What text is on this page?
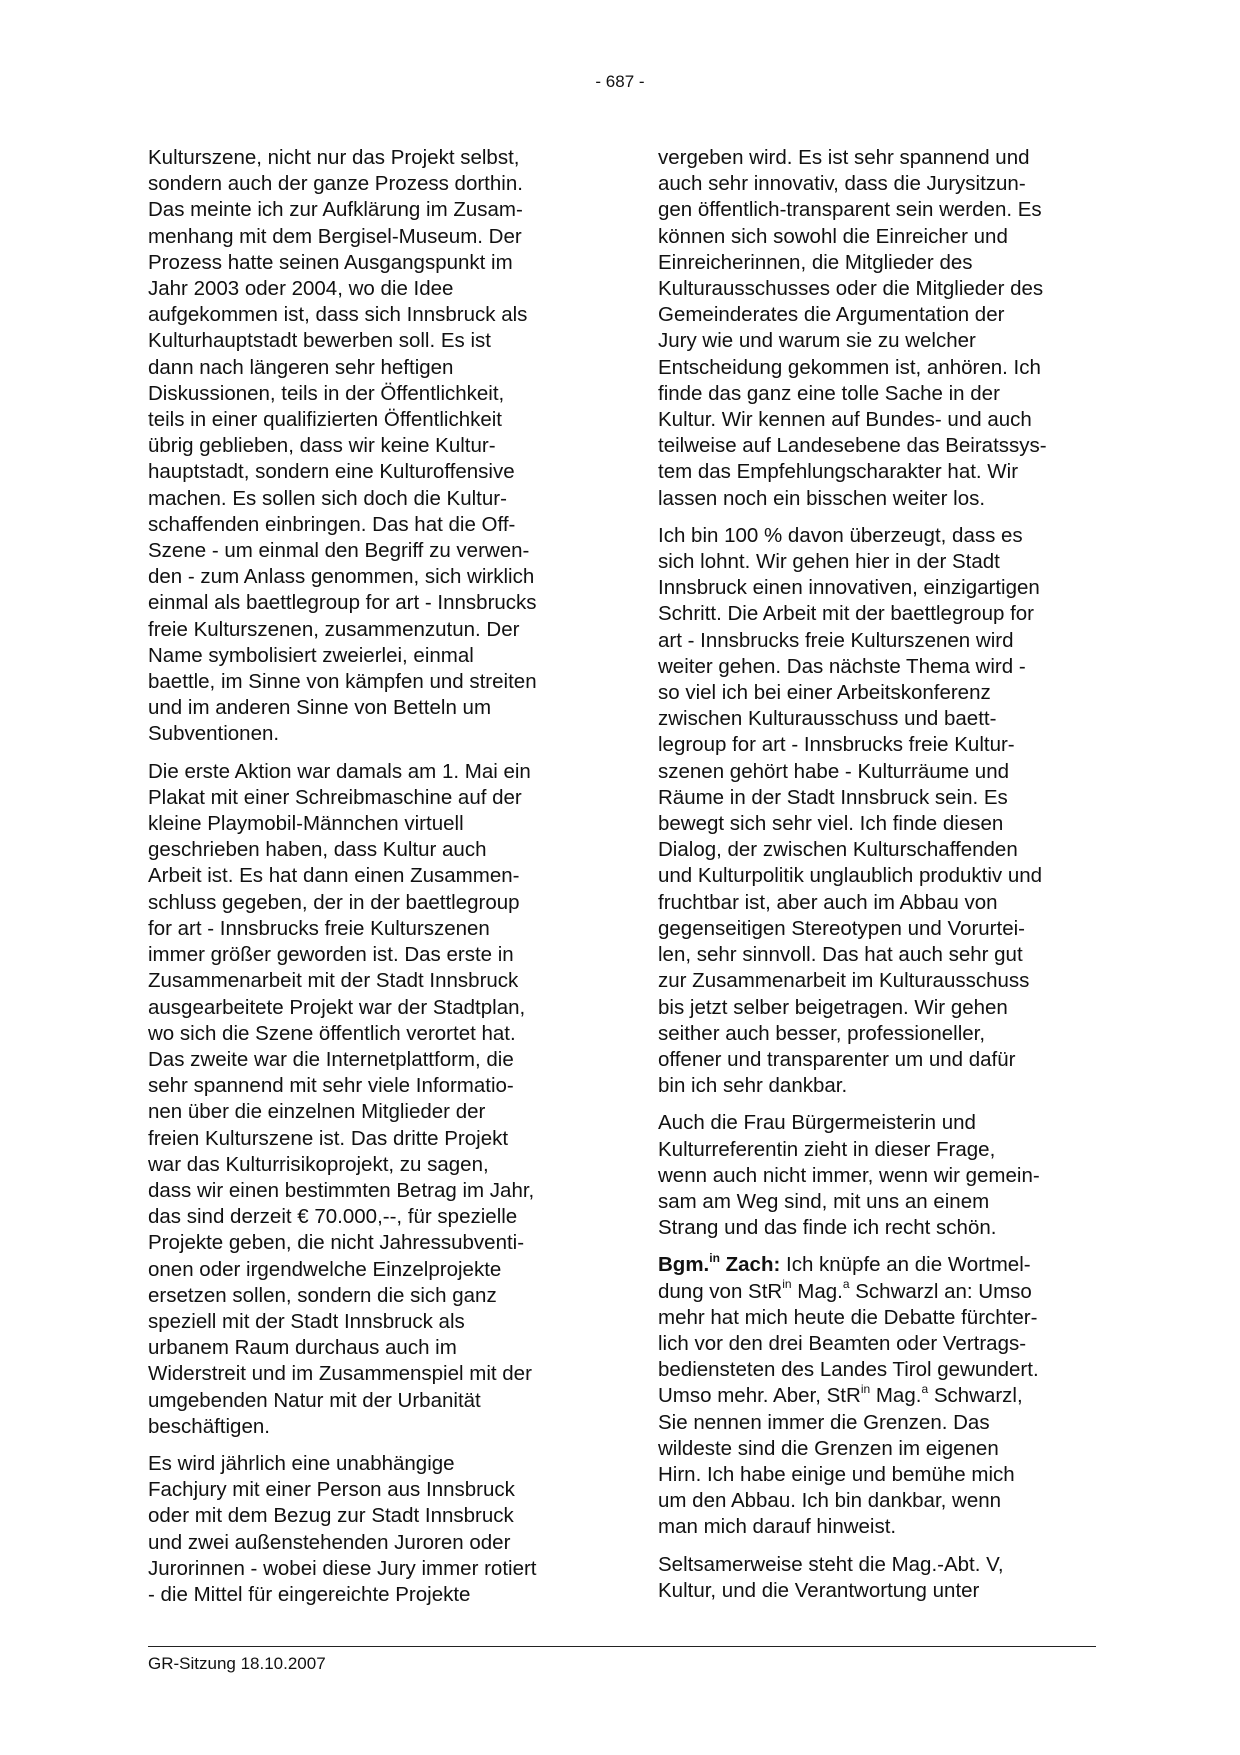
- 687 -

Kulturszene, nicht nur das Projekt selbst,
sondern auch der ganze Prozess dorthin.
Das meinte ich zur Aufklärung im Zusam-
menhang mit dem Bergisel-Museum. Der
Prozess hatte seinen Ausgangspunkt im
Jahr 2003 oder 2004, wo die Idee
aufgekommen ist, dass sich Innsbruck als
Kulturhauptstadt bewerben soll. Es ist
dann nach längeren sehr heftigen
Diskussionen, teils in der Öffentlichkeit,
teils in einer qualifizierten Öffentlichkeit
übrig geblieben, dass wir keine Kultur-
hauptstadt, sondern eine Kulturoffensive
machen. Es sollen sich doch die Kultur-
schaffenden einbringen. Das hat die Off-
Szene - um einmal den Begriff zu verwen-
den - zum Anlass genommen, sich wirklich
einmal als baettlegroup for art - Innsbrucks
freie Kulturszenen, zusammenzutun. Der
Name symbolisiert zweierlei, einmal
baettle, im Sinne von kämpfen und streiten
und im anderen Sinne von Betteln um
Subventionen.

Die erste Aktion war damals am 1. Mai ein
Plakat mit einer Schreibmaschine auf der
kleine Playmobil-Männchen virtuell
geschrieben haben, dass Kultur auch
Arbeit ist. Es hat dann einen Zusammen-
schluss gegeben, der in der baettlegroup
for art - Innsbrucks freie Kulturszenen
immer größer geworden ist. Das erste in
Zusammenarbeit mit der Stadt Innsbruck
ausgearbeitete Projekt war der Stadtplan,
wo sich die Szene öffentlich verortet hat.
Das zweite war die Internetplattform, die
sehr spannend mit sehr viele Informatio-
nen über die einzelnen Mitglieder der
freien Kulturszene ist. Das dritte Projekt
war das Kulturrisikoprojekt, zu sagen,
dass wir einen bestimmten Betrag im Jahr,
das sind derzeit € 70.000,--, für spezielle
Projekte geben, die nicht Jahressubventi-
onen oder irgendwelche Einzelprojekte
ersetzen sollen, sondern die sich ganz
speziell mit der Stadt Innsbruck als
urbanem Raum durchaus auch im
Widerstreit und im Zusammenspiel mit der
umgebenden Natur mit der Urbanität
beschäftigen.

Es wird jährlich eine unabhängige
Fachjury mit einer Person aus Innsbruck
oder mit dem Bezug zur Stadt Innsbruck
und zwei außenstehenden Juroren oder
Jurorinnen - wobei diese Jury immer rotiert
- die Mittel für eingereichte Projekte

vergeben wird. Es ist sehr spannend und
auch sehr innovativ, dass die Jurysitzun-
gen öffentlich-transparent sein werden. Es
können sich sowohl die Einreicher und
Einreicherinnen, die Mitglieder des
Kulturausschusses oder die Mitglieder des
Gemeinderates die Argumentation der
Jury wie und warum sie zu welcher
Entscheidung gekommen ist, anhören. Ich
finde das ganz eine tolle Sache in der
Kultur. Wir kennen auf Bundes- und auch
teilweise auf Landesebene das Beiratssys-
tem das Empfehlungscharakter hat. Wir
lassen noch ein bisschen weiter los.

Ich bin 100 % davon überzeugt, dass es
sich lohnt. Wir gehen hier in der Stadt
Innsbruck einen innovativen, einzigartigen
Schritt. Die Arbeit mit der baettlegroup for
art - Innsbrucks freie Kulturszenen wird
weiter gehen. Das nächste Thema wird -
so viel ich bei einer Arbeitskonferenz
zwischen Kulturausschuss und baett-
legroup for art - Innsbrucks freie Kultur-
szenen gehört habe - Kulturräume und
Räume in der Stadt Innsbruck sein. Es
bewegt sich sehr viel. Ich finde diesen
Dialog, der zwischen Kulturschaffenden
und Kulturpolitik unglaublich produktiv und
fruchtbar ist, aber auch im Abbau von
gegenseitigen Stereotypen und Vorurtei-
len, sehr sinnvoll. Das hat auch sehr gut
zur Zusammenarbeit im Kulturausschuss
bis jetzt selber beigetragen. Wir gehen
seither auch besser, professioneller,
offener und transparenter um und dafür
bin ich sehr dankbar.

Auch die Frau Bürgermeisterin und
Kulturreferentin zieht in dieser Frage,
wenn auch nicht immer, wenn wir gemein-
sam am Weg sind, mit uns an einem
Strang und das finde ich recht schön.

Bgm.$^{in}$ Zach: Ich knüpfe an die Wortmel-
dung von StR$^{in}$ Mag.$^a$ Schwarzl an: Umso
mehr hat mich heute die Debatte fürchter-
lich vor den drei Beamten oder Vertrags-
bediensteten des Landes Tirol gewundert.
Umso mehr. Aber, StR$^{in}$ Mag.$^a$ Schwarzl,
Sie nennen immer die Grenzen. Das
wildeste sind die Grenzen im eigenen
Hirn. Ich habe einige und bemühe mich
um den Abbau. Ich bin dankbar, wenn
man mich darauf hinweist.

Seltsamerweise steht die Mag.-Abt. V,
Kultur, und die Verantwortung unter

GR-Sitzung 18.10.2007
